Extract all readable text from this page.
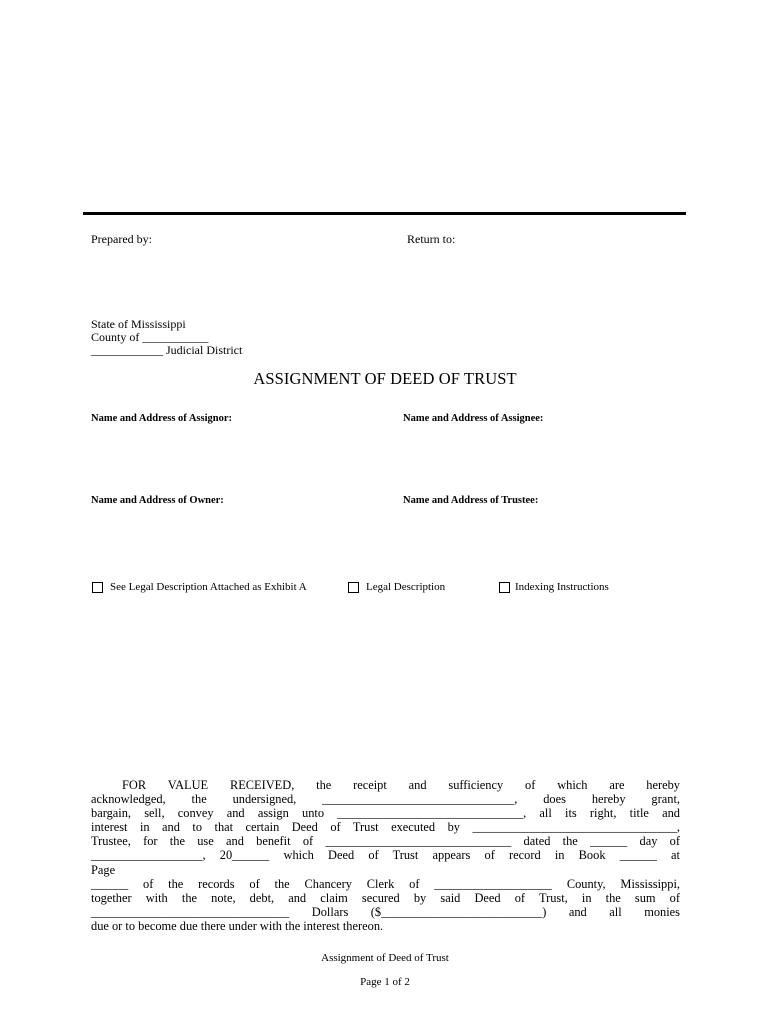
Prepared by:	Return to:
State of Mississippi
County of ___________
____________ Judicial District
ASSIGNMENT OF DEED OF TRUST
Name and Address of Assignor:	Name and Address of Assignee:
Name and Address of Owner:	Name and Address of Trustee:
See Legal Description Attached as Exhibit A	Legal Description	Indexing Instructions
FOR VALUE RECEIVED, the receipt and sufficiency of which are hereby
acknowledged, the undersigned, _______________________________, does hereby grant,
bargain, sell, convey and assign unto ______________________________, all its right, title and
interest in and to that certain Deed of Trust executed by _________________________________,
Trustee, for the use and benefit of ______________________________ dated the ______ day of
__________________, 20______ which Deed of Trust appears of record in Book ______ at
Page
______ of the records of the Chancery Clerk of ___________________ County, Mississippi,
together with the note, debt, and claim secured by said Deed of Trust, in the sum of
________________________________ Dollars ($__________________________) and all monies
due or to become due there under with the interest thereon.
Assignment of Deed of Trust
Page 1 of 2
